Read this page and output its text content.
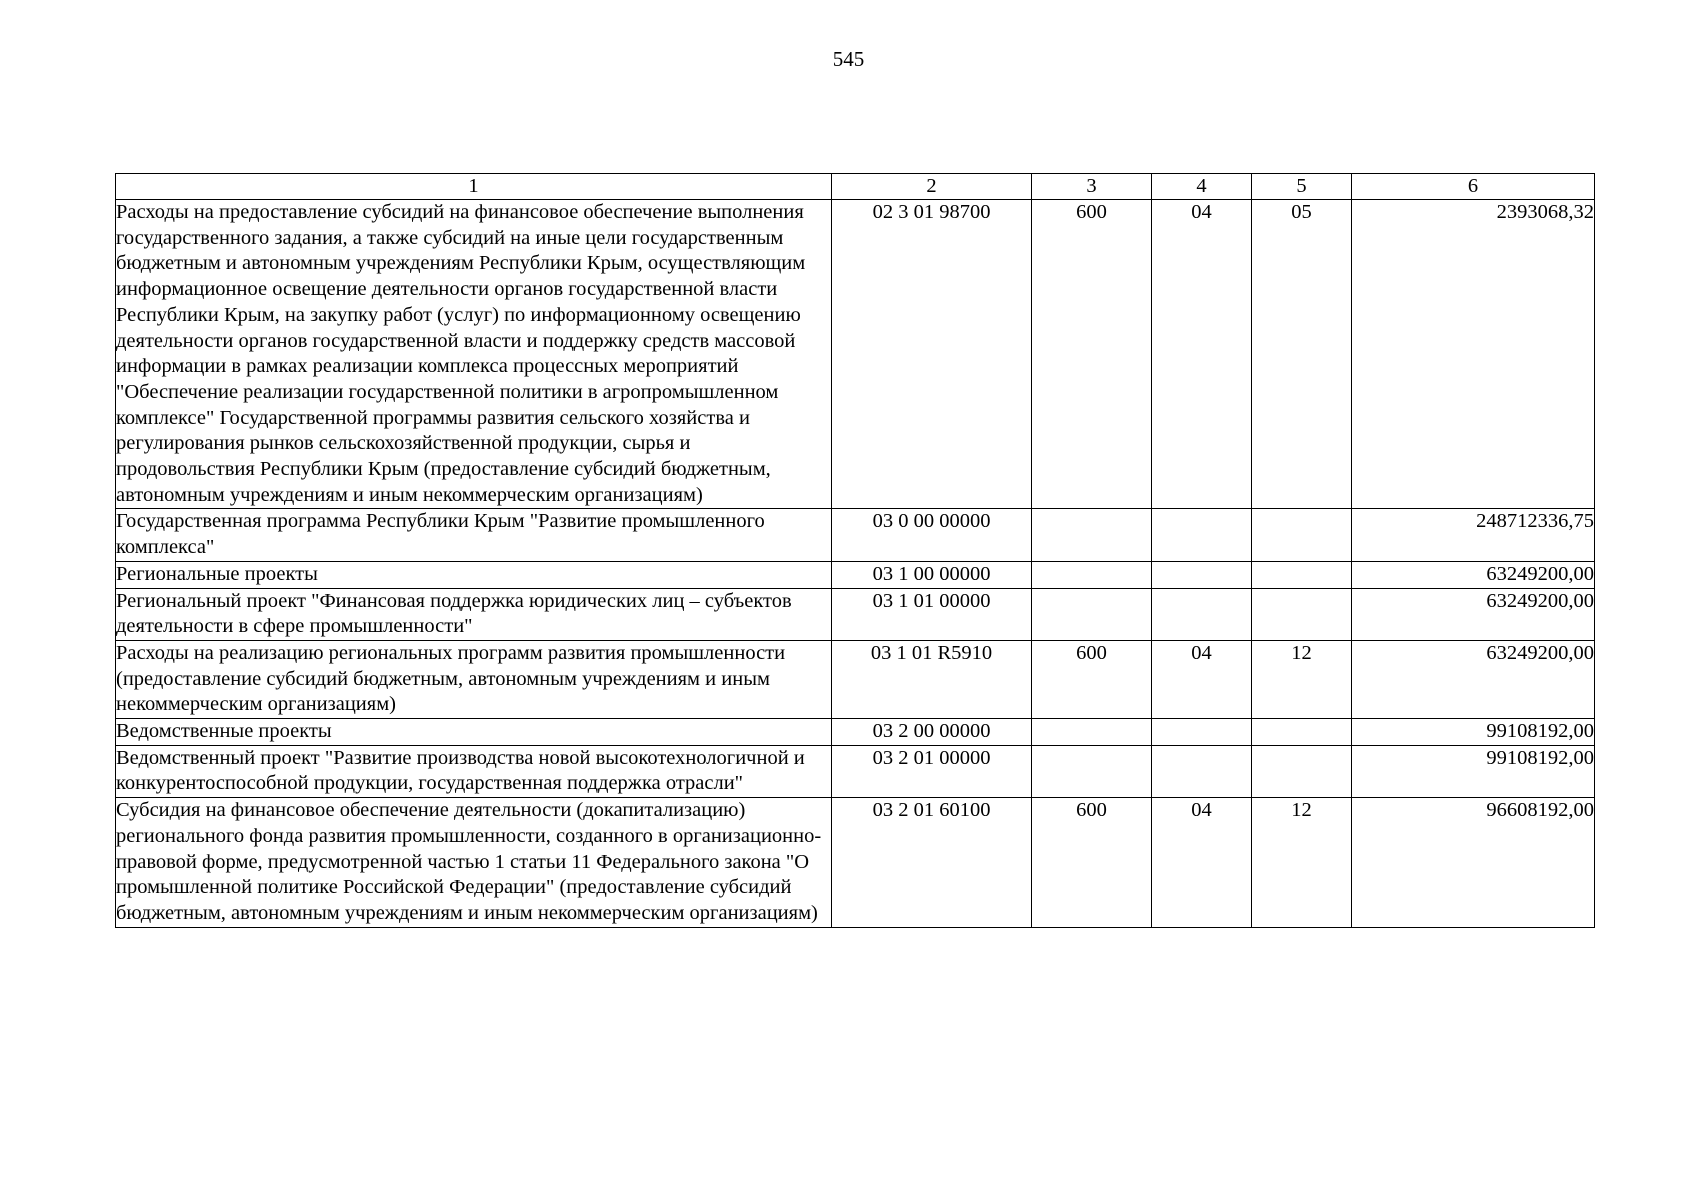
545
1	2	3	4	5	6
Расходы на предоставление субсидий на финансовое обеспечение выполнения государственного задания, а также субсидий на иные цели государственным бюджетным и автономным учреждениям Республики Крым, осуществляющим информационное освещение деятельности органов государственной власти Республики Крым, на закупку работ (услуг) по информационному освещению деятельности органов государственной власти и поддержку средств массовой информации в рамках реализации комплекса процессных мероприятий "Обеспечение реализации государственной политики в агропромышленном комплексе" Государственной программы развития сельского хозяйства и регулирования рынков сельскохозяйственной продукции, сырья и продовольствия Республики Крым (предоставление субсидий бюджетным, автономным учреждениям и иным некоммерческим организациям)	02 3 01 98700	600	04	05	2393068,32
Государственная программа Республики Крым "Развитие промышленного комплекса"	03 0 00 00000				248712336,75
Региональные проекты	03 1 00 00000				63249200,00
Региональный проект "Финансовая поддержка юридических лиц – субъектов деятельности в сфере промышленности"	03 1 01 00000				63249200,00
Расходы на реализацию региональных программ развития промышленности (предоставление субсидий бюджетным, автономным учреждениям и иным некоммерческим организациям)	03 1 01 R5910	600	04	12	63249200,00
Ведомственные проекты	03 2 00 00000				99108192,00
Ведомственный проект "Развитие производства новой высокотехнологичной и конкурентоспособной продукции, государственная поддержка отрасли"	03 2 01 00000				99108192,00
Субсидия на финансовое обеспечение деятельности (докапитализацию) регионального фонда развития промышленности, созданного в организационно-правовой форме, предусмотренной частью 1 статьи 11 Федерального закона "О промышленной политике Российской Федерации" (предоставление субсидий бюджетным, автономным учреждениям и иным некоммерческим организациям)	03 2 01 60100	600	04	12	96608192,00
